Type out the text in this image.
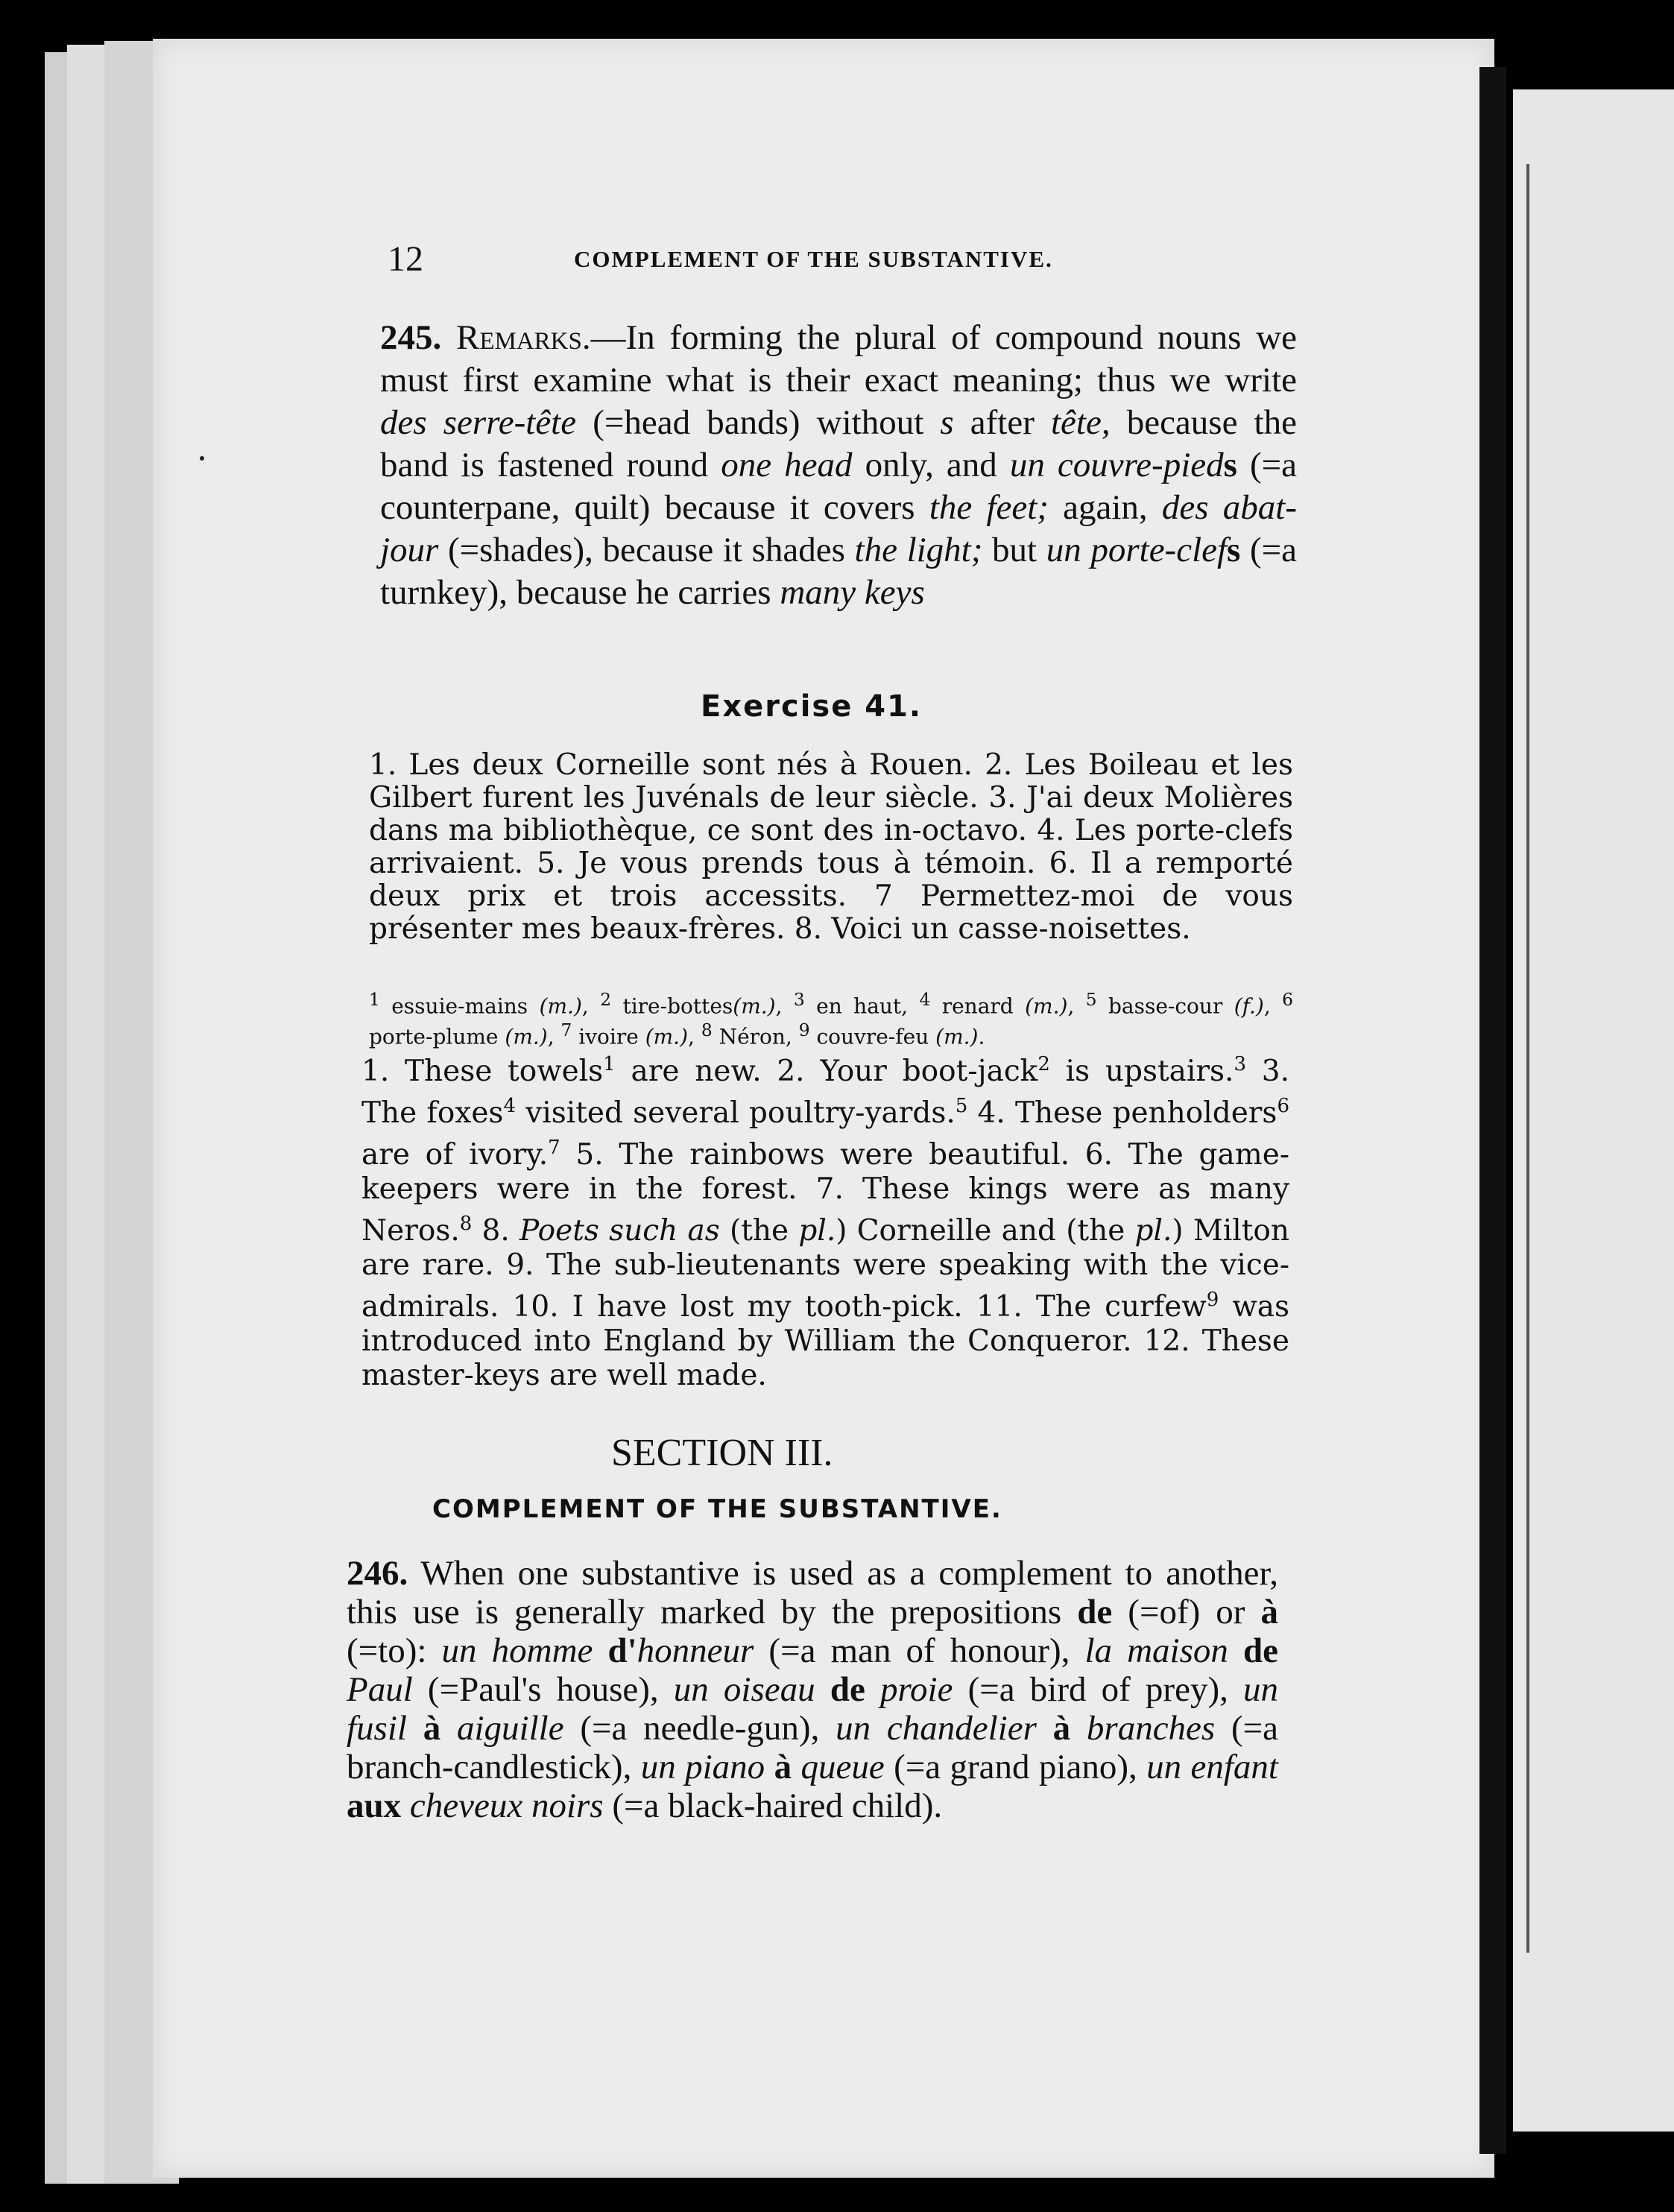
12	COMPLEMENT OF THE SUBSTANTIVE.
245. Remarks.—In forming the plural of compound nouns we must first examine what is their exact meaning; thus we write des serre-tête (=head bands) without s after tête, because the band is fastened round one head only, and un couvre-pieds (=a counterpane, quilt) because it covers the feet; again, des abat-jour (=shades), because it shades the light; but un porte-clefs (=a turnkey), because he carries many keys
Exercise 41.
1. Les deux Corneille sont nés à Rouen. 2. Les Boileau et les Gilbert furent les Juvénals de leur siècle. 3. J'ai deux Molières dans ma bibliothèque, ce sont des in-octavo. 4. Les porte-clefs arrivaient. 5. Je vous prends tous à témoin. 6. Il a remporté deux prix et trois accessits. 7 Permettez-moi de vous présenter mes beaux-frères. 8. Voici un casse-noisettes.
$^1$ essuie-mains (m.), $^2$ tire-bottes(m.), $^3$ en haut, $^4$ renard (m.), $^5$ basse-cour (f.), $^6$ porte-plume (m.), $^7$ ivoire (m.), $^8$ Néron, $^9$ couvre-feu (m.).
1. These towels$^1$ are new. 2. Your boot-jack$^2$ is upstairs.$^3$ 3. The foxes$^4$ visited several poultry-yards.$^5$ 4. These penholders$^6$ are of ivory.$^7$ 5. The rainbows were beautiful. 6. The game-keepers were in the forest. 7. These kings were as many Neros.$^8$ 8. Poets such as (the pl.) Corneille and (the pl.) Milton are rare. 9. The sub-lieutenants were speaking with the vice-admirals. 10. I have lost my tooth-pick. 11. The curfew$^9$ was introduced into England by William the Conqueror. 12. These master-keys are well made.
SECTION III.
COMPLEMENT OF THE SUBSTANTIVE.
246. When one substantive is used as a complement to another, this use is generally marked by the prepositions de (=of) or à (=to): un homme d'honneur (=a man of honour), la maison de Paul (=Paul's house), un oiseau de proie (=a bird of prey), un fusil à aiguille (=a needle-gun), un chandelier à branches (=a branch-candlestick), un piano à queue (=a grand piano), un enfant aux cheveux noirs (=a black-haired child).
